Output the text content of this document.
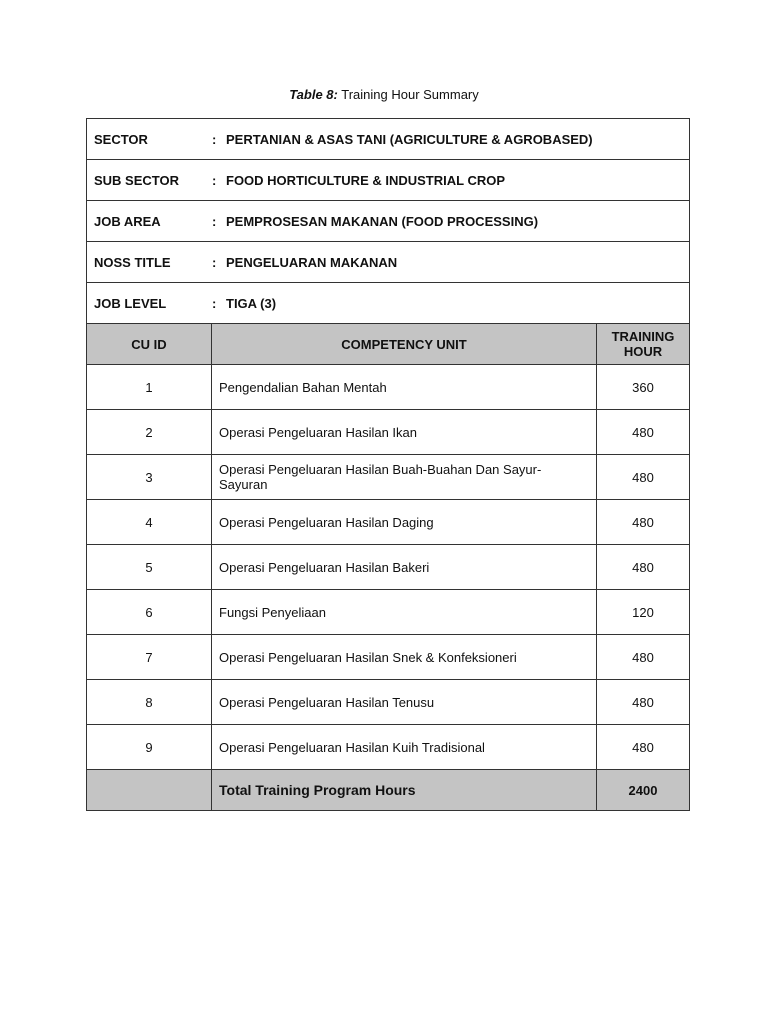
Table 8: Training Hour Summary
SECTOR : PERTANIAN & ASAS TANI (AGRICULTURE & AGROBASED)		
SUB SECTOR : FOOD HORTICULTURE & INDUSTRIAL CROP		
JOB AREA : PEMPROSESAN MAKANAN (FOOD PROCESSING)		
NOSS TITLE : PENGELUARAN MAKANAN		
JOB LEVEL : TIGA (3)		
CU ID	COMPETENCY UNIT	TRAINING HOUR
1	Pengendalian Bahan Mentah	360
2	Operasi Pengeluaran Hasilan Ikan	480
3	Operasi Pengeluaran Hasilan Buah-Buahan Dan Sayur-Sayuran	480
4	Operasi Pengeluaran Hasilan Daging	480
5	Operasi Pengeluaran Hasilan Bakeri	480
6	Fungsi Penyeliaan	120
7	Operasi Pengeluaran Hasilan Snek & Konfeksioneri	480
8	Operasi Pengeluaran Hasilan Tenusu	480
9	Operasi Pengeluaran Hasilan Kuih Tradisional	480
	Total Training Program Hours	2400
